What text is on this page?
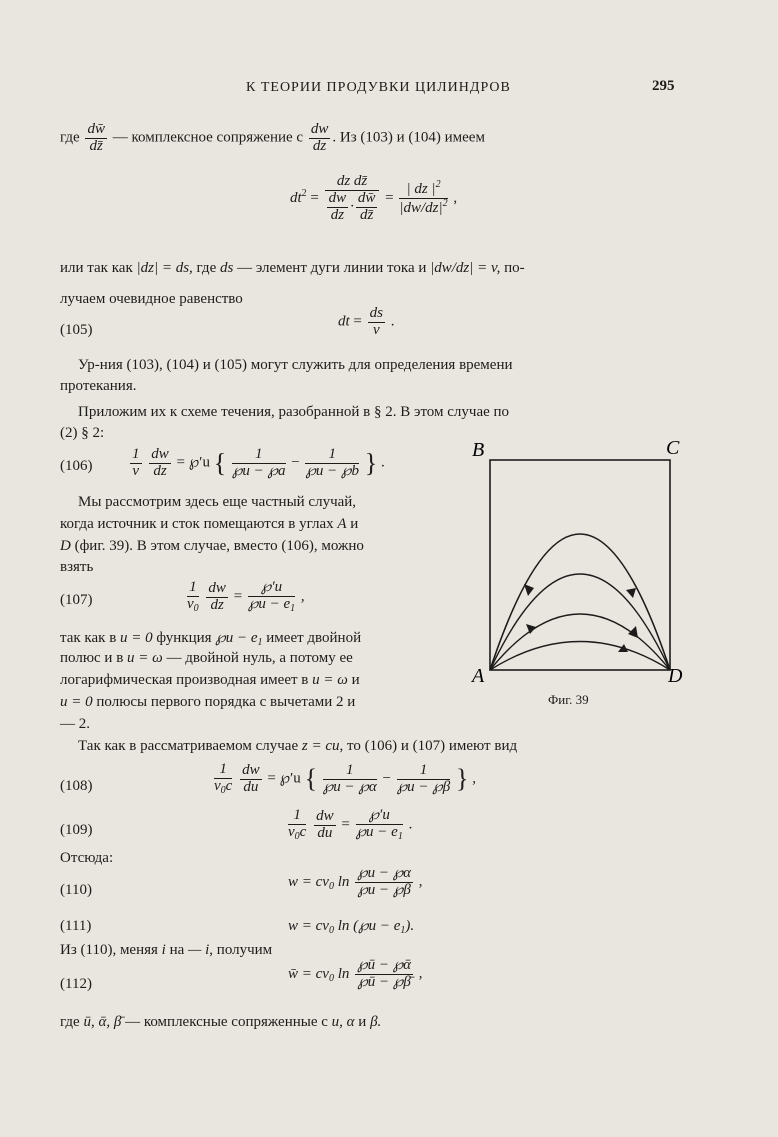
К ТЕОРИИ ПРОДУВКИ ЦИЛИНДРОВ	295
где $\frac{dw̄}{dz̄}$ — комплексное сопряжение с $\frac{dw}{dz}$ . Из (103) и (104) имеем
$dt^2 = \frac{\text{dz dz̄}}{\frac{dw}{dz} \cdot \frac{dw̄}{dz̄}} = \frac{| dz |^2}{|dw/dz|^2}$ ,
или так как |dz| = ds, где ds — элемент дуги линии тока и |dw/dz| = v, по-
лучаем очевидное равенство
(105)
dt = $\frac{ds}{v}$ .
Ур-ния (103), (104) и (105) могут служить для определения времени
протекания.
Приложим их к схеме течения, разобранной в § 2. В этом случае по
(2) § 2:
(106)	$\frac{1}{v}$
$\frac{dw}{dz}$ = ℘′u { $\frac{1}{℘u - ℘a} - \frac{1}{℘u - ℘b}$ } .
Мы рассмотрим здесь еще частный случай,
когда источник и сток помещаются в углах A и
D (фиг. 39). В этом случае, вместо (106), можно
взять
(107)	$\frac{1}{v_0}$
$\frac{dw}{dz} = \frac{℘'u}{℘u - e_1}$ ,
так как в u = 0 функция ℘u − $e_1$ имеет двойной
полюс и в u = ω — двойной нуль, а потому ее
логарифмическая производная имеет в u = ω и
u = 0 полюсы первого порядка с вычетами 2 и
— 2.
B	C
A	D
Фиг. 39
Так как в рассматриваемом случае z = cu, то (106) и (107) имеют вид
(108)	$\frac{1}{v_0c}$
$\frac{dw}{du}$ = ℘′u { $\frac{1}{℘u - ℘\alpha} - \frac{1}{℘u - ℘\beta}$ } ,
(109)	$\frac{1}{v_0c}$
$\frac{dw}{du} = \frac{℘'u}{℘u - e_1}$ .
Отсюда:
(110)
$w = cv_0$ $\ln \frac{℘u - ℘\alpha}{℘u - ℘\beta}$ ,
(111)	$w = cv_0$ ln (℘u − $e_1$).
Из (110), меняя i на — i, получим
(112)
w̄ = $cv_0$ $\ln \frac{\text{℘ū − ℘ᾱ}}{℘ū - ℘\betā}$ ,
где ū, ᾱ, β̄ — комплексные сопряженные с u, α и β.
